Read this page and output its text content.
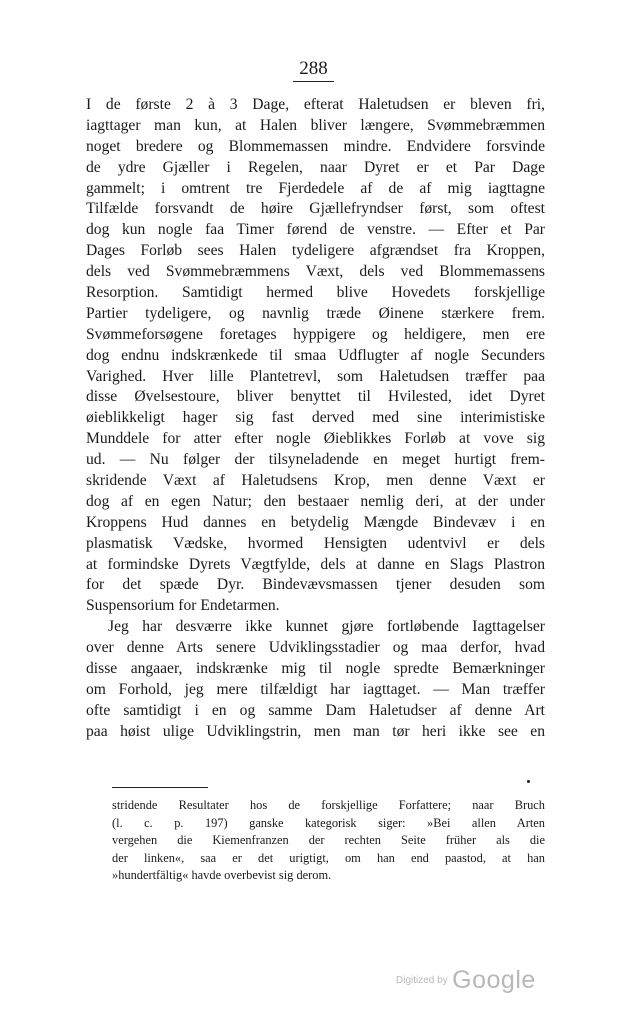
288
I de første 2 à 3 Dage, efterat Haletudsen er bleven fri,
iagttager man kun, at Halen bliver længere, Svømmebræmmen
noget bredere og Blommemassen mindre. Endvidere forsvinde
de ydre Gjæller i Regelen, naar Dyret er et Par Dage
gammelt; i omtrent tre Fjerdedele af de af mig iagttagne
Tilfælde forsvandt de høire Gjællefryndser først, som oftest
dog kun nogle faa Timer førend de venstre. — Efter et Par
Dages Forløb sees Halen tydeligere afgrændset fra Kroppen,
dels ved Svømmebræmmens Væxt, dels ved Blommemassens
Resorption. Samtidigt hermed blive Hovedets forskjellige
Partier tydeligere, og navnlig træde Øinene stærkere frem.
Svømmeforsøgene foretages hyppigere og heldigere, men ere
dog endnu indskrænkede til smaa Udflugter af nogle Secunders
Varighed. Hver lille Plantetrevl, som Haletudsen træffer paa
disse Øvelsestoure, bliver benyttet til Hvilested, idet Dyret
øieblikkeligt hager sig fast derved med sine interimistiske
Munddele for atter efter nogle Øieblikkes Forløb at vove sig
ud. — Nu følger der tilsyneladende en meget hurtigt frem-
skridende Væxt af Haletudsens Krop, men denne Væxt er
dog af en egen Natur; den bestaaer nemlig deri, at der under
Kroppens Hud dannes en betydelig Mængde Bindevæv i en
plasmatisk Vædske, hvormed Hensigten udentvivl er dels
at formindske Dyrets Vægtfylde, dels at danne en Slags Plastron
for det spæde Dyr. Bindevævsmassen tjener desuden som
Suspensorium for Endetarmen.
Jeg har desværre ikke kunnet gjøre fortløbende Iagttagelser
over denne Arts senere Udviklingsstadier og maa derfor, hvad
disse angaaer, indskrænke mig til nogle spredte Bemærkninger
om Forhold, jeg mere tilfældigt har iagttaget. — Man træffer
ofte samtidigt i en og samme Dam Haletudser af denne Art
paa høist ulige Udviklingstrin, men man tør heri ikke see en
stridende Resultater hos de forskjellige Forfattere; naar Bruch
(l. c. p. 197) ganske kategorisk siger: »Bei allen Arten
vergehen die Kiemenfranzen der rechten Seite früher als die
der linken«, saa er det urigtigt, om han end paastod, at han
»hundertfältig« havde overbevist sig derom.
Digitized by Google
